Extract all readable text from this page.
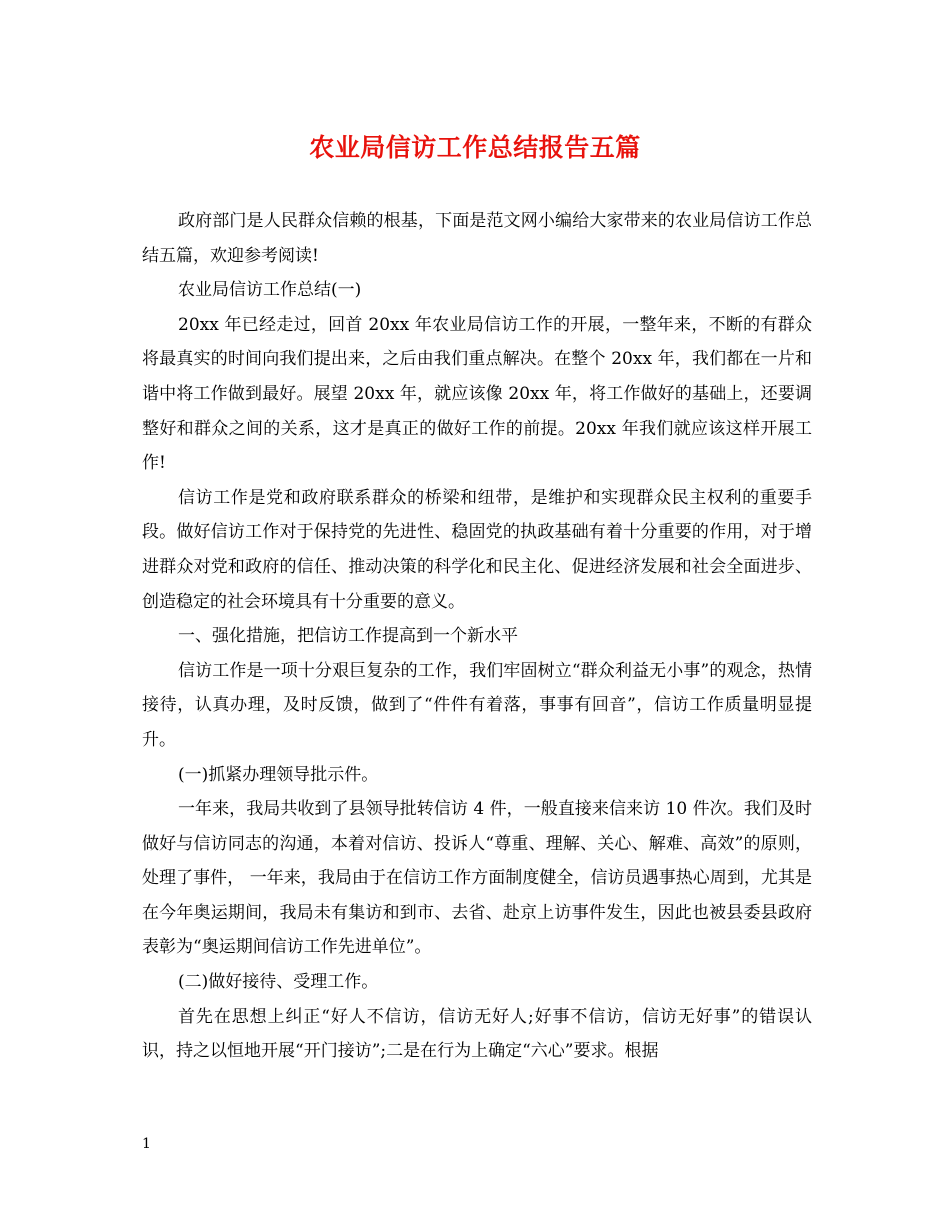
农业局信访工作总结报告五篇

政府部门是人民群众信赖的根基，下面是范文网小编给大家带来的农业局信访工作总结五篇，欢迎参考阅读!

农业局信访工作总结(一)

20xx 年已经走过，回首 20xx 年农业局信访工作的开展，一整年来，不断的有群众将最真实的时间向我们提出来，之后由我们重点解决。在整个 20xx 年，我们都在一片和谐中将工作做到最好。展望 20xx 年，就应该像 20xx 年，将工作做好的基础上，还要调整好和群众之间的关系，这才是真正的做好工作的前提。20xx 年我们就应该这样开展工作!

信访工作是党和政府联系群众的桥梁和纽带，是维护和实现群众民主权利的重要手段。做好信访工作对于保持党的先进性、稳固党的执政基础有着十分重要的作用，对于增进群众对党和政府的信任、推动决策的科学化和民主化、促进经济发展和社会全面进步、创造稳定的社会环境具有十分重要的意义。

一、强化措施，把信访工作提高到一个新水平

信访工作是一项十分艰巨复杂的工作，我们牢固树立“群众利益无小事”的观念，热情接待，认真办理，及时反馈，做到了“件件有着落，事事有回音”，信访工作质量明显提升。

(一)抓紧办理领导批示件。

一年来，我局共收到了县领导批转信访 4 件，一般直接来信来访 10 件次。我们及时做好与信访同志的沟通，本着对信访、投诉人“尊重、理解、关心、解难、高效”的原则，处理了事件， 一年来，我局由于在信访工作方面制度健全，信访员遇事热心周到，尤其是在今年奥运期间，我局未有集访和到市、去省、赴京上访事件发生，因此也被县委县政府表彰为“奥运期间信访工作先进单位”。

(二)做好接待、受理工作。

首先在思想上纠正“好人不信访，信访无好人;好事不信访，信访无好事”的错误认识，持之以恒地开展“开门接访”;二是在行为上确定“六心”要求。根据

1
